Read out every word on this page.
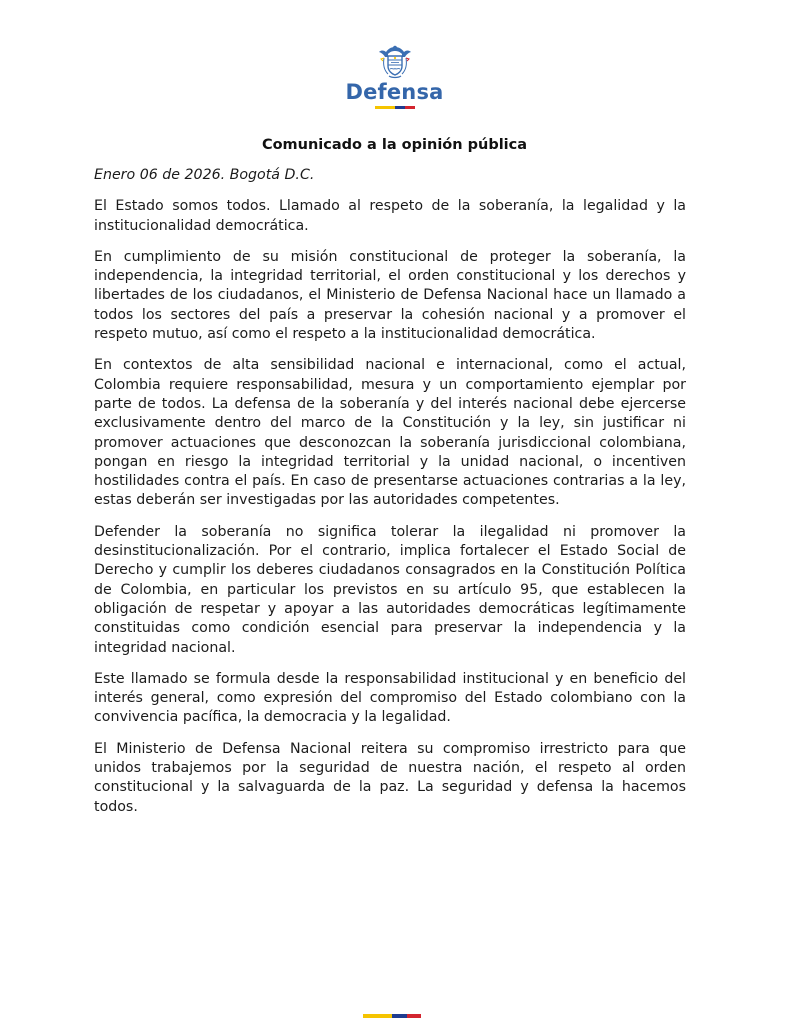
Defensa
Comunicado a la opinión pública

Enero 06 de 2026. Bogotá D.C.

El Estado somos todos. Llamado al respeto de la soberanía, la legalidad y la institucionalidad democrática.

En cumplimiento de su misión constitucional de proteger la soberanía, la independencia, la integridad territorial, el orden constitucional y los derechos y libertades de los ciudadanos, el Ministerio de Defensa Nacional hace un llamado a todos los sectores del país a preservar la cohesión nacional y a promover el respeto mutuo, así como el respeto a la institucionalidad democrática.

En contextos de alta sensibilidad nacional e internacional, como el actual, Colombia requiere responsabilidad, mesura y un comportamiento ejemplar por parte de todos. La defensa de la soberanía y del interés nacional debe ejercerse exclusivamente dentro del marco de la Constitución y la ley, sin justificar ni promover actuaciones que desconozcan la soberanía jurisdiccional colombiana, pongan en riesgo la integridad territorial y la unidad nacional, o incentiven hostilidades contra el país. En caso de presentarse actuaciones contrarias a la ley, estas deberán ser investigadas por las autoridades competentes.

Defender la soberanía no significa tolerar la ilegalidad ni promover la desinstitucionalización. Por el contrario, implica fortalecer el Estado Social de Derecho y cumplir los deberes ciudadanos consagrados en la Constitución Política de Colombia, en particular los previstos en su artículo 95, que establecen la obligación de respetar y apoyar a las autoridades democráticas legítimamente constituidas como condición esencial para preservar la independencia y la integridad nacional.

Este llamado se formula desde la responsabilidad institucional y en beneficio del interés general, como expresión del compromiso del Estado colombiano con la convivencia pacífica, la democracia y la legalidad.

El Ministerio de Defensa Nacional reitera su compromiso irrestricto para que unidos trabajemos por la seguridad de nuestra nación, el respeto al orden constitucional y la salvaguarda de la paz. La seguridad y defensa la hacemos todos.
